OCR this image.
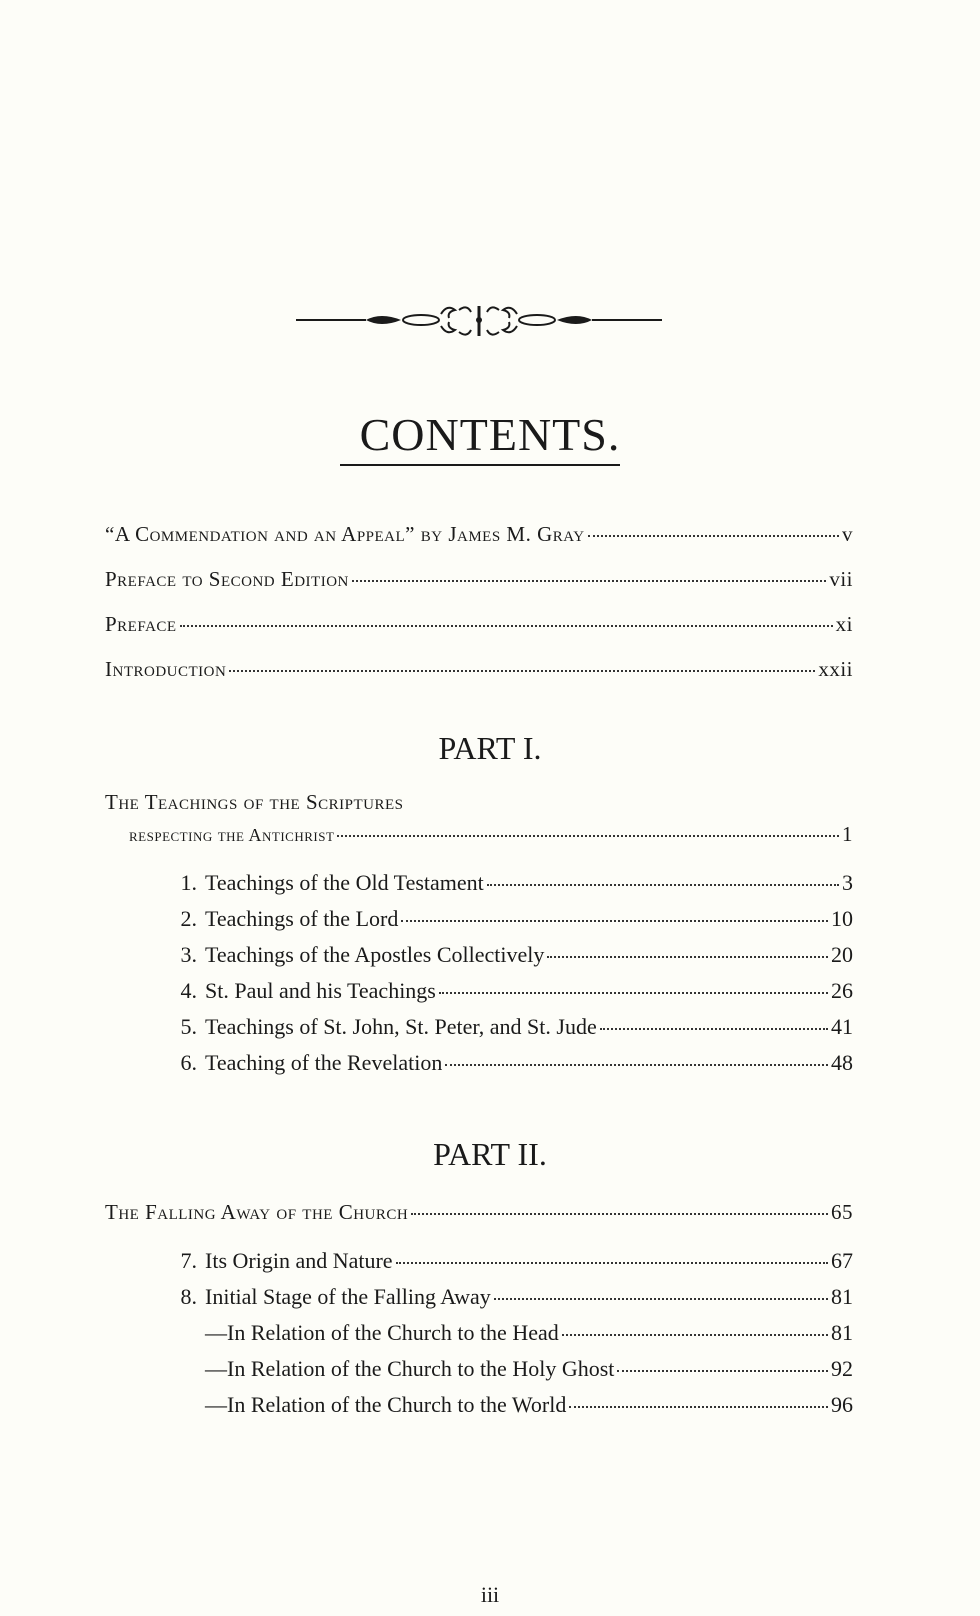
CONTENTS.
“A Commendation and an Appeal” by James M. Gray	v
Preface to Second Edition	vii
Preface	xi
Introduction	xxii
PART I.
The Teachings of the Scriptures
respecting the Antichrist	1
1. Teachings of the Old Testament	3
2. Teachings of the Lord	10
3. Teachings of the Apostles Collectively	20
4. St. Paul and his Teachings	26
5. Teachings of St. John, St. Peter, and St. Jude	41
6. Teaching of the Revelation	48
PART II.
The Falling Away of the Church	65
7. Its Origin and Nature	67
8. Initial Stage of the Falling Away	81
—In Relation of the Church to the Head	81
—In Relation of the Church to the Holy Ghost	92
—In Relation of the Church to the World	96
iii
